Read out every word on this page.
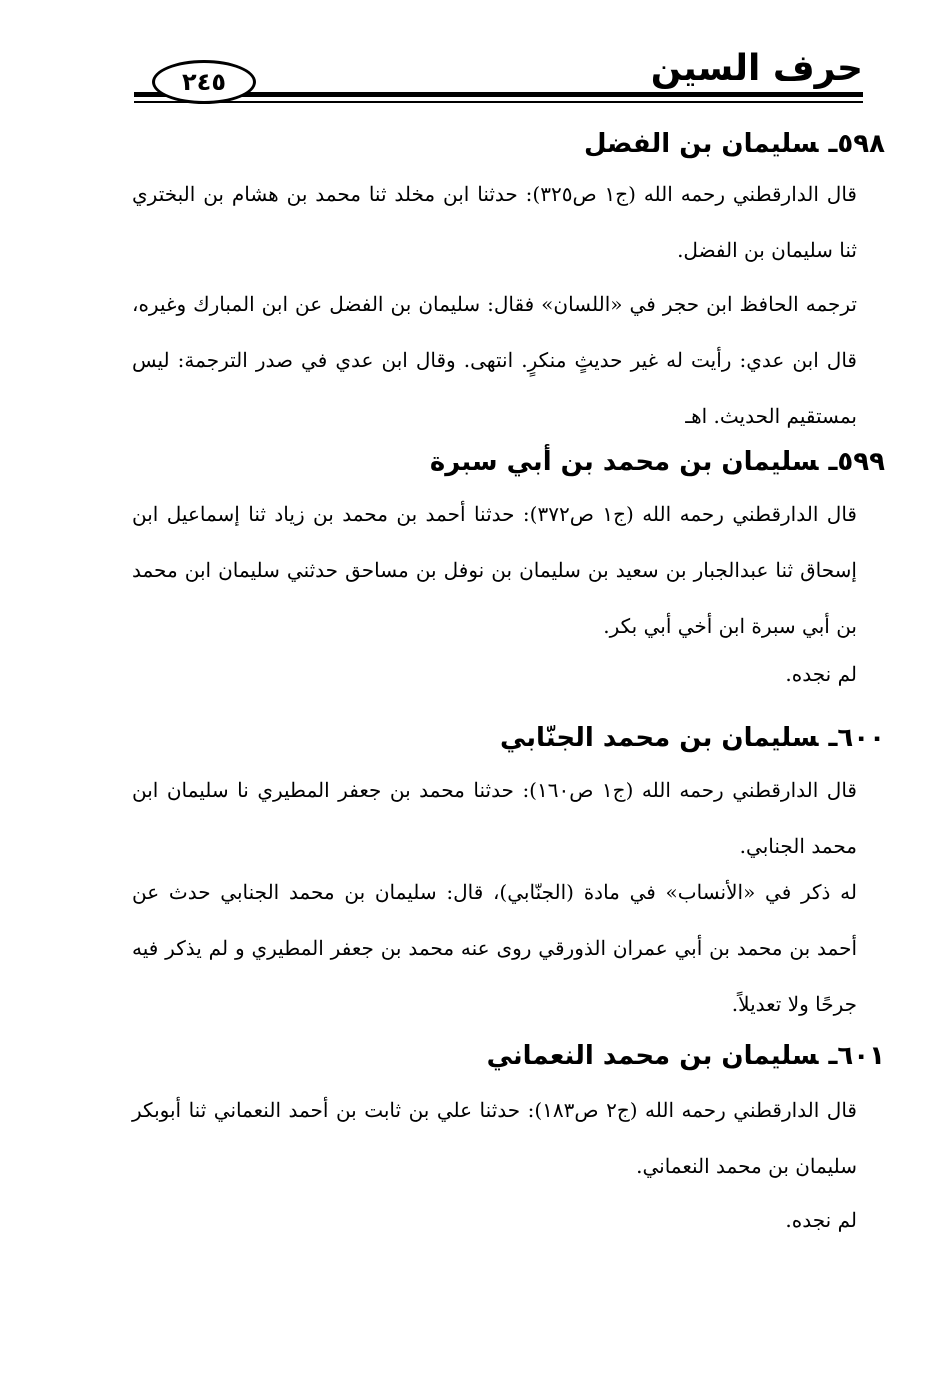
حرف السين
٢٤٥
٥٩٨ـسليمان بن الفضل

قال الدارقطني رحمه الله (ج١ ص٣٢٥): حدثنا ابن مخلد ثنا محمد بن هشام بن البختري ثنا سليمان بن الفضل.

ترجمه الحافظ ابن حجر في «اللسان» فقال: سليمان بن الفضل عن ابن المبارك وغيره، قال ابن عدي: رأيت له غير حديثٍ منكرٍ. انتهى. وقال ابن عدي في صدر الترجمة: ليس بمستقيم الحديث. اهـ

٥٩٩ـسليمان بن محمد بن أبي سبرة

قال الدارقطني رحمه الله (ج١ ص٣٧٢): حدثنا أحمد بن محمد بن زياد ثنا إسماعيل ابن إسحاق ثنا عبدالجبار بن سعيد بن سليمان بن نوفل بن مساحق حدثني سليمان ابن محمد بن أبي سبرة ابن أخي أبي بكر.

لم نجده.

٦٠٠ـسليمان بن محمد الجنّابي

قال الدارقطني رحمه الله (ج١ ص١٦٠): حدثنا محمد بن جعفر المطيري نا سليمان ابن محمد الجنابي.

له ذكر في «الأنساب» في مادة (الجنّابي)، قال: سليمان بن محمد الجنابي حدث عن أحمد بن محمد بن أبي عمران الذورقي روى عنه محمد بن جعفر المطيري و لم يذكر فيه جرحًا ولا تعديلاً.

٦٠١ـسليمان بن محمد النعماني

قال الدارقطني رحمه الله (ج٢ ص١٨٣): حدثنا علي بن ثابت بن أحمد النعماني ثنا أبوبكر سليمان بن محمد النعماني.

لم نجده.
